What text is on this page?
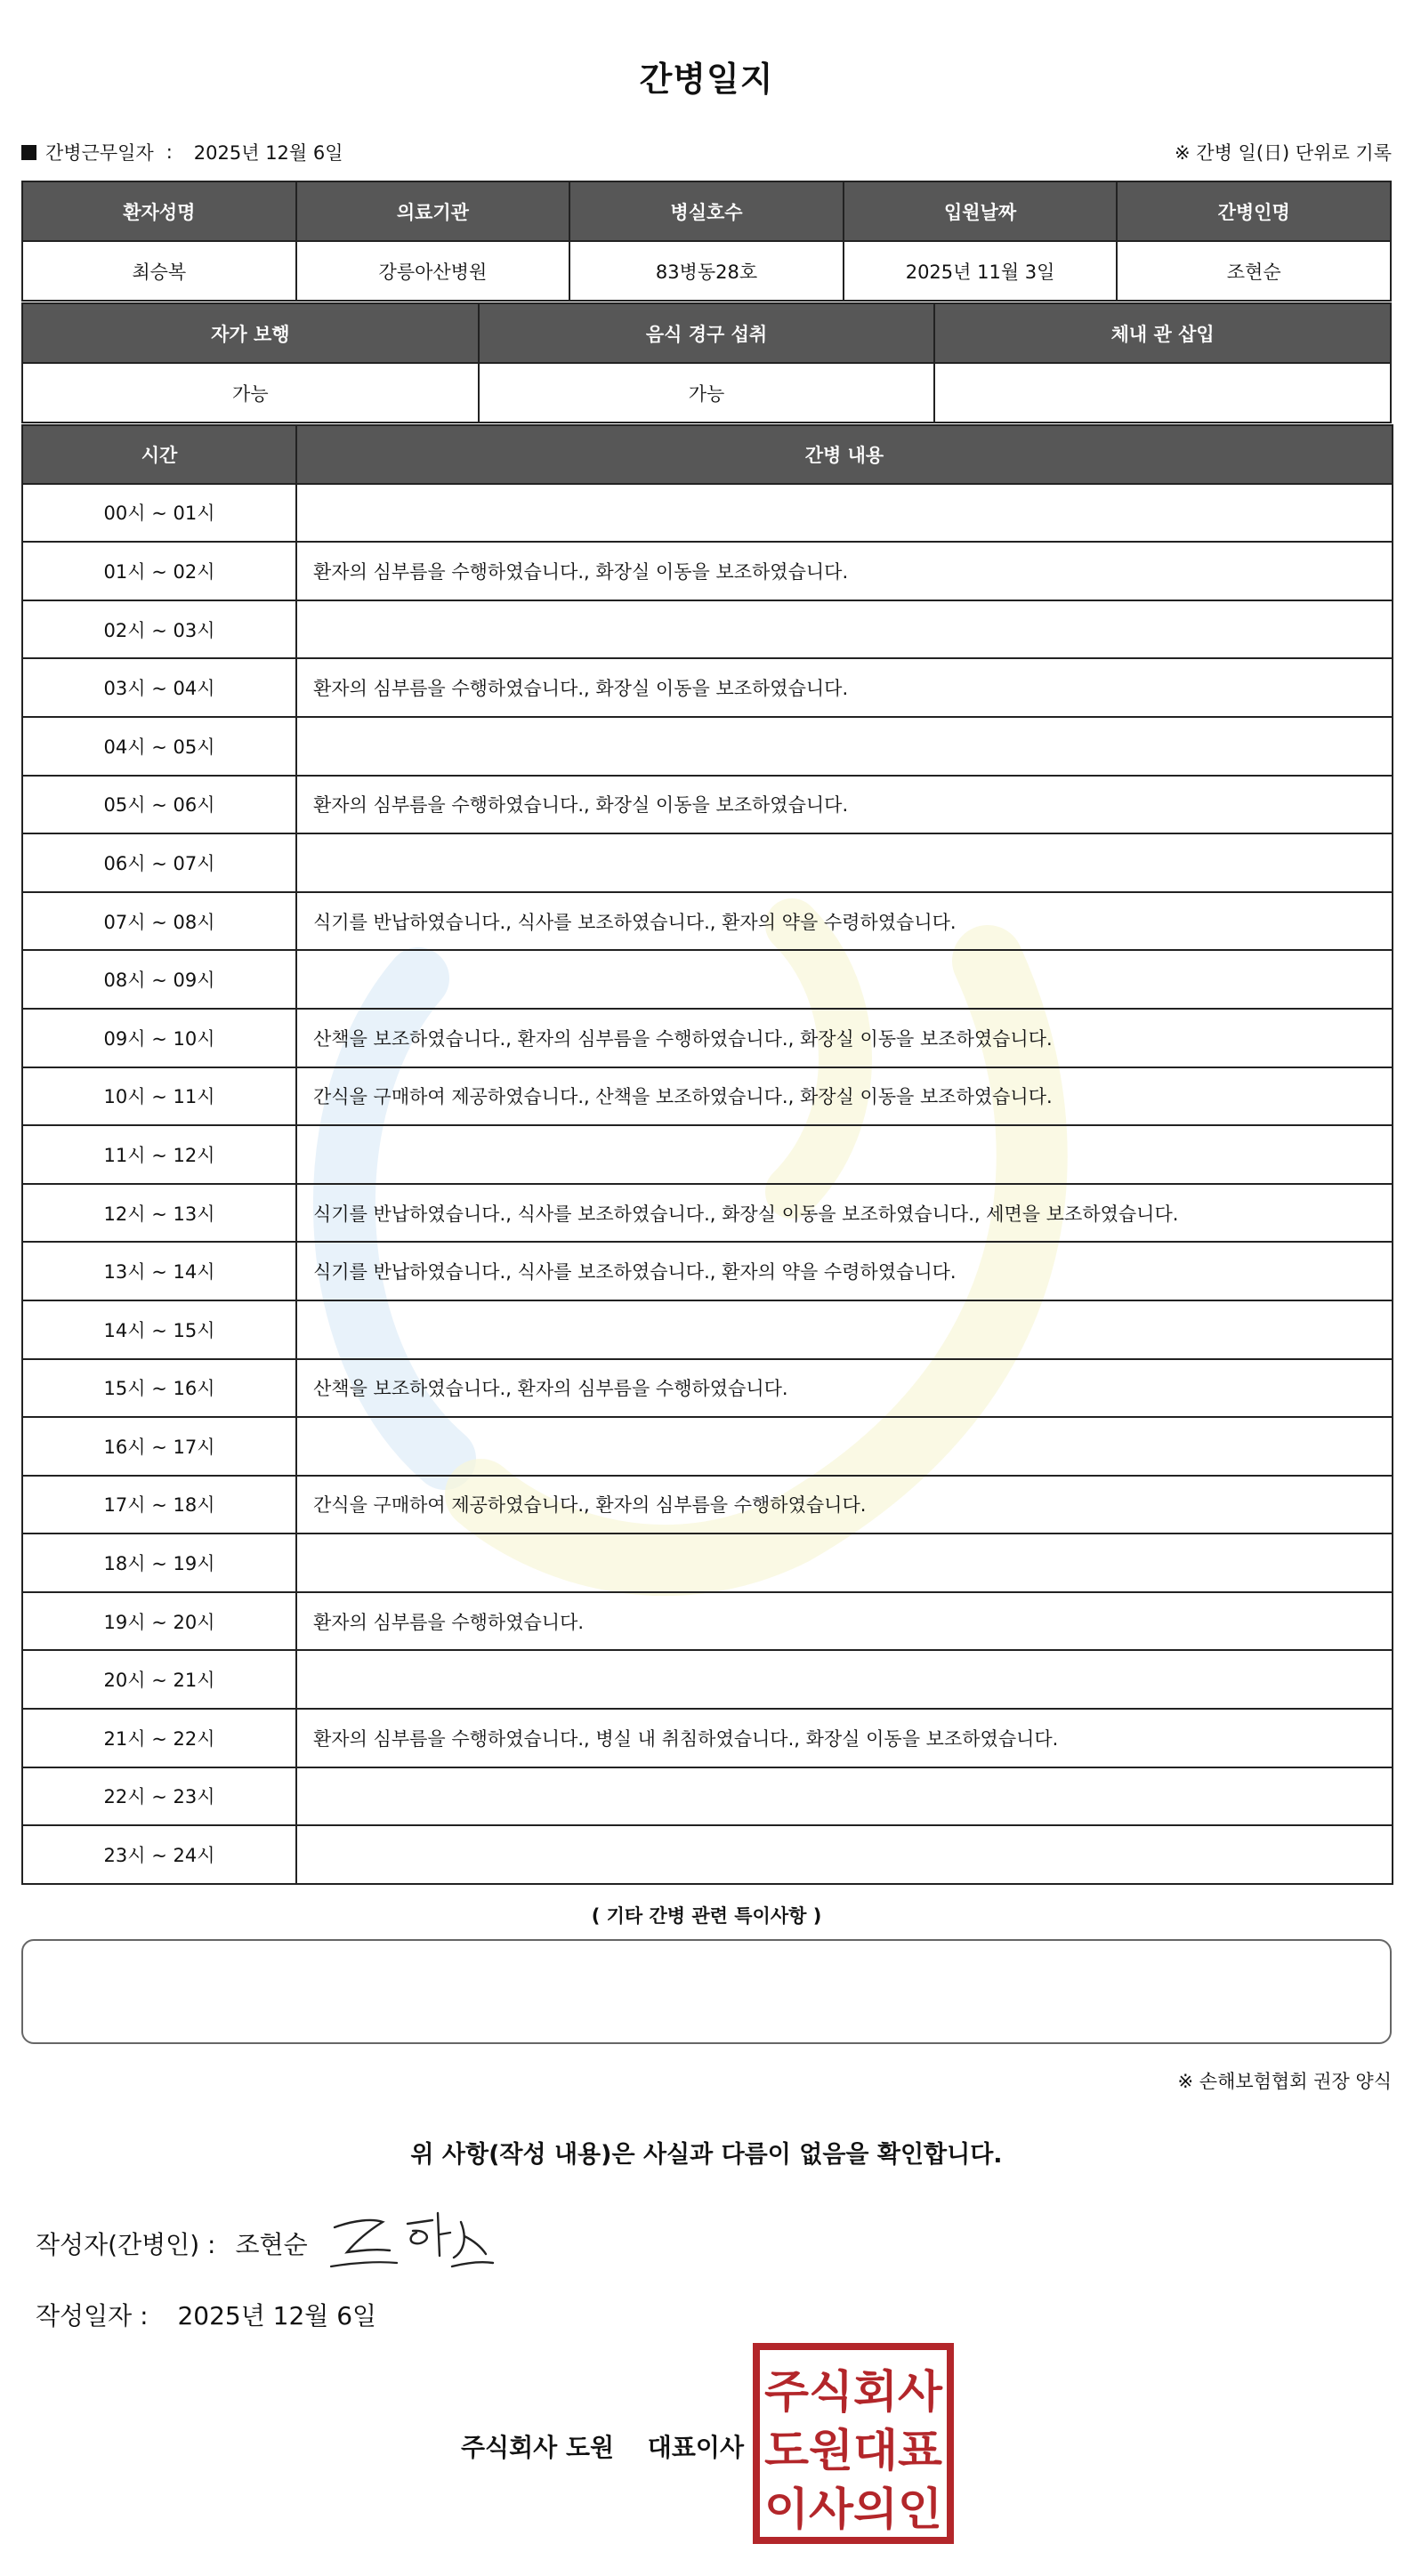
간병일지
간병근무일자 : 2025년 12월 6일	※ 간병 일(日) 단위로 기록
환자성명	의료기관	병실호수	입원날짜	간병인명
최승복	강릉아산병원	83병동28호	2025년 11월 3일	조현순
자가 보행	음식 경구 섭취	체내 관 삽입
가능	가능	
시간	간병 내용
00시 ~ 01시	
01시 ~ 02시	환자의 심부름을 수행하였습니다., 화장실 이동을 보조하였습니다.
02시 ~ 03시	
03시 ~ 04시	환자의 심부름을 수행하였습니다., 화장실 이동을 보조하였습니다.
04시 ~ 05시	
05시 ~ 06시	환자의 심부름을 수행하였습니다., 화장실 이동을 보조하였습니다.
06시 ~ 07시	
07시 ~ 08시	식기를 반납하였습니다., 식사를 보조하였습니다., 환자의 약을 수령하였습니다.
08시 ~ 09시	
09시 ~ 10시	산책을 보조하였습니다., 환자의 심부름을 수행하였습니다., 화장실 이동을 보조하였습니다.
10시 ~ 11시	간식을 구매하여 제공하였습니다., 산책을 보조하였습니다., 화장실 이동을 보조하였습니다.
11시 ~ 12시	
12시 ~ 13시	식기를 반납하였습니다., 식사를 보조하였습니다., 화장실 이동을 보조하였습니다., 세면을 보조하였습니다.
13시 ~ 14시	식기를 반납하였습니다., 식사를 보조하였습니다., 환자의 약을 수령하였습니다.
14시 ~ 15시	
15시 ~ 16시	산책을 보조하였습니다., 환자의 심부름을 수행하였습니다.
16시 ~ 17시	
17시 ~ 18시	간식을 구매하여 제공하였습니다., 환자의 심부름을 수행하였습니다.
18시 ~ 19시	
19시 ~ 20시	환자의 심부름을 수행하였습니다.
20시 ~ 21시	
21시 ~ 22시	환자의 심부름을 수행하였습니다., 병실 내 취침하였습니다., 화장실 이동을 보조하였습니다.
22시 ~ 23시	
23시 ~ 24시	
( 기타 간병 관련 특이사항 )
※ 손해보험협회 권장 양식
위 사항(작성 내용)은 사실과 다름이 없음을 확인합니다.
작성자(간병인) : 조현순
작성일자 : 2025년 12월 6일
주식회사 도원 대표이사
주식회사
도원대표
이사의인
